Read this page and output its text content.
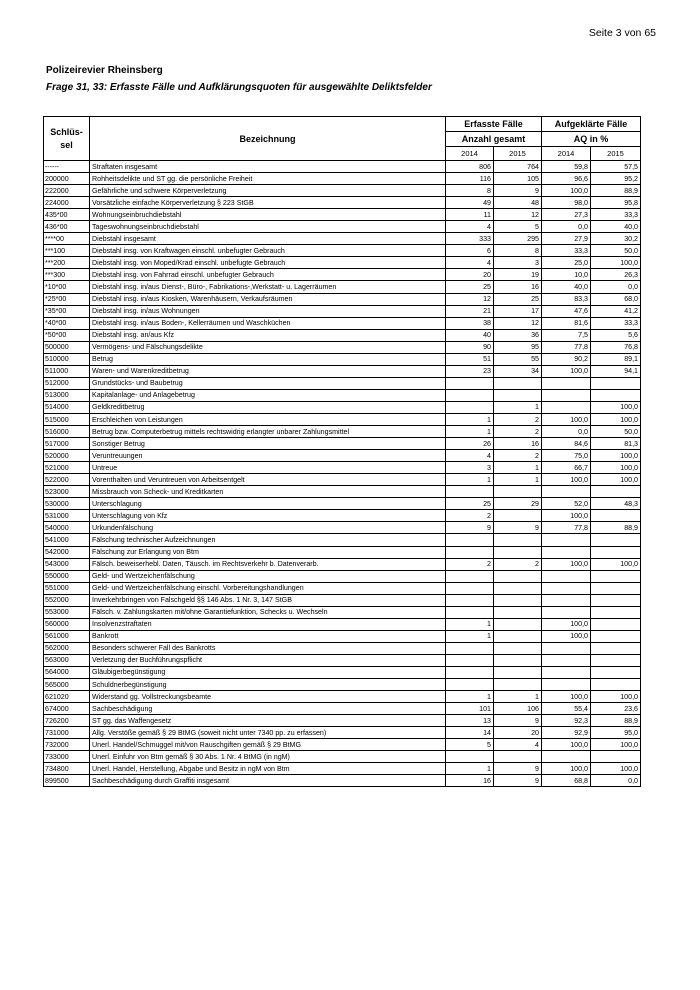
Seite 3 von 65
Polizeirevier Rheinsberg
Frage 31, 33: Erfasste Fälle und Aufklärungsquoten für ausgewählte Deliktsfelder
Schlüs-sel	Bezeichnung	Erfasste Fälle		Aufgeklärte Fälle	
		Anzahl gesamt		AQ in %	
		2014	2015	2014	2015
------	Straftaten insgesamt	806	764	59,8	57,5
200000	Rohheitsdelikte und ST gg. die persönliche Freiheit	116	105	96,6	95,2
222000	Gefährliche und schwere Körperverletzung	8	9	100,0	88,9
224000	Vorsätzliche einfache Körperverletzung § 223 StGB	49	48	98,0	95,8
435*00	Wohnungseinbruchdiebstahl	11	12	27,3	33,3
436*00	Tageswohnungseinbruchdiebstahl	4	5	0,0	40,0
****00	Diebstahl insgesamt	333	295	27,9	30,2
***100	Diebstahl insg. von Kraftwagen einschl. unbefugter Gebrauch	6	8	33,3	50,0
***200	Diebstahl insg. von Moped/Krad einschl. unbefugte Gebrauch	4	3	25,0	100,0
***300	Diebstahl insg. von Fahrrad einschl. unbefugter Gebrauch	20	19	10,0	26,3
*10*00	Diebstahl insg. in/aus Dienst-, Büro-, Fabrikations-,Werkstatt- u. Lagerräumen	25	16	40,0	0,0
*25*00	Diebstahl insg. in/aus Kiosken, Warenhäusern, Verkaufsräumen	12	25	83,3	68,0
*35*00	Diebstahl insg. in/aus Wohnungen	21	17	47,6	41,2
*40*00	Diebstahl insg. in/aus Boden-, Kellerräumen und Waschküchen	38	12	81,6	33,3
*50*00	Diebstahl insg. an/aus Kfz	40	36	7,5	5,6
500000	Vermögens- und Fälschungsdelikte	90	95	77,8	76,8
510000	Betrug	51	55	90,2	89,1
511000	Waren- und Warenkreditbetrug	23	34	100,0	94,1
512000	Grundstücks- und Baubetrug				
513000	Kapitalanlage- und Anlagebetrug				
514000	Geldkreditbetrug		1		100,0
515000	Erschleichen von Leistungen	1	2	100,0	100,0
516000	Betrug bzw. Computerbetrug mittels rechtswidrig erlangter unbarer Zahlungsmittel	1	2	0,0	50,0
517000	Sonstiger Betrug	26	16	84,6	81,3
520000	Veruntreuungen	4	2	75,0	100,0
521000	Untreue	3	1	66,7	100,0
522000	Vorenthalten und Veruntreuen von Arbeitsentgelt	1	1	100,0	100,0
523000	Missbrauch von Scheck- und Kreditkarten				
530000	Unterschlagung	25	29	52,0	48,3
531000	Unterschlagung von Kfz	2		100,0	
540000	Urkundenfälschung	9	9	77,8	88,9
541000	Fälschung technischer Aufzeichnungen				
542000	Fälschung zur Erlangung von Btm				
543000	Fälsch. beweiserhebl. Daten, Täusch. im Rechtsverkehr b. Datenverarb.	2	2	100,0	100,0
550000	Geld- und Wertzeichenfälschung				
551000	Geld- und Wertzeichenfälschung einschl. Vorbereitungshandlungen				
552000	Inverkehrbringen von Falschgeld §§ 146 Abs. 1 Nr. 3, 147 StGB				
553000	Fälsch. v. Zahlungskarten mit/ohne Garantiefunktion, Schecks u. Wechseln				
560000	Insolvenzstraftaten	1		100,0	
561000	Bankrott	1		100,0	
562000	Besonders schwerer Fall des Bankrotts				
563000	Verletzung der Buchführungspflicht				
564000	Gläubigerbegünstigung				
565000	Schuldnerbegünstigung				
621020	Widerstand gg. Vollstreckungsbeamte	1	1	100,0	100,0
674000	Sachbeschädigung	101	106	55,4	23,6
726200	ST gg. das Waffengesetz	13	9	92,3	88,9
731000	Allg. Verstöße gemäß § 29 BtMG (soweit nicht unter 7340 pp. zu erfassen)	14	20	92,9	95,0
732000	Unerl. Handel/Schmuggel mit/von Rauschgiften gemäß § 29 BtMG	5	4	100,0	100,0
733000	Unerl. Einfuhr von Btm gemäß § 30 Abs. 1 Nr. 4 BtMG (in ngM)				
734800	Unerl. Handel, Herstellung, Abgabe und Besitz in ngM von Btm	1	9	100,0	100,0
899500	Sachbeschädigung durch Graffiti insgesamt	16	9	68,8	0,0
